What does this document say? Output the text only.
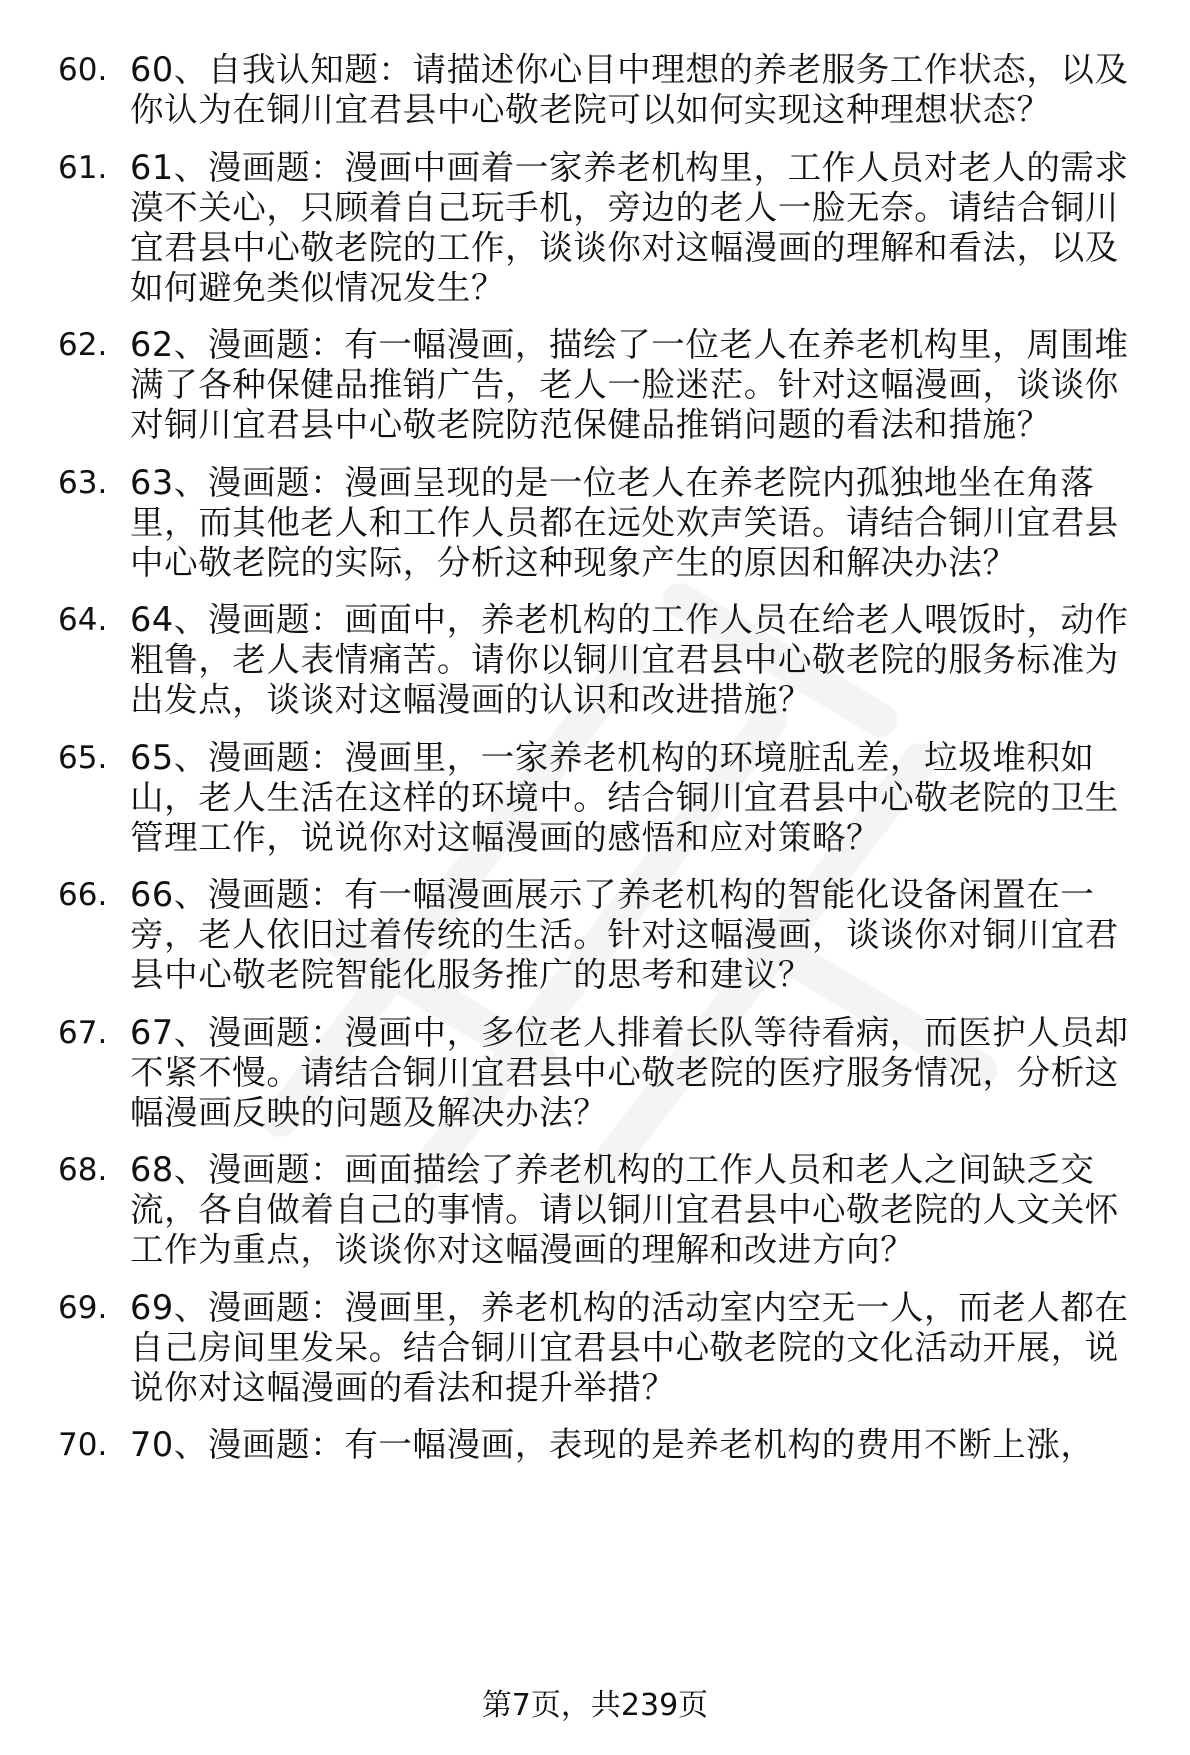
60. 60、自我认知题：请描述你心目中理想的养老服务工作状态，以及你认为在铜川宜君县中心敬老院可以如何实现这种理想状态？
61. 61、漫画题：漫画中画着一家养老机构里，工作人员对老人的需求漠不关心，只顾着自己玩手机，旁边的老人一脸无奈。请结合铜川宜君县中心敬老院的工作，谈谈你对这幅漫画的理解和看法，以及如何避免类似情况发生？
62. 62、漫画题：有一幅漫画，描绘了一位老人在养老机构里，周围堆满了各种保健品推销广告，老人一脸迷茫。针对这幅漫画，谈谈你对铜川宜君县中心敬老院防范保健品推销问题的看法和措施？
63. 63、漫画题：漫画呈现的是一位老人在养老院内孤独地坐在角落里，而其他老人和工作人员都在远处欢声笑语。请结合铜川宜君县中心敬老院的实际，分析这种现象产生的原因和解决办法？
64. 64、漫画题：画面中，养老机构的工作人员在给老人喂饭时，动作粗鲁，老人表情痛苦。请你以铜川宜君县中心敬老院的服务标准为出发点，谈谈对这幅漫画的认识和改进措施？
65. 65、漫画题：漫画里，一家养老机构的环境脏乱差，垃圾堆积如山，老人生活在这样的环境中。结合铜川宜君县中心敬老院的卫生管理工作，说说你对这幅漫画的感悟和应对策略？
66. 66、漫画题：有一幅漫画展示了养老机构的智能化设备闲置在一旁，老人依旧过着传统的生活。针对这幅漫画，谈谈你对铜川宜君县中心敬老院智能化服务推广的思考和建议？
67. 67、漫画题：漫画中，多位老人排着长队等待看病，而医护人员却不紧不慢。请结合铜川宜君县中心敬老院的医疗服务情况，分析这幅漫画反映的问题及解决办法？
68. 68、漫画题：画面描绘了养老机构的工作人员和老人之间缺乏交流，各自做着自己的事情。请以铜川宜君县中心敬老院的人文关怀工作为重点，谈谈你对这幅漫画的理解和改进方向？
69. 69、漫画题：漫画里，养老机构的活动室内空无一人，而老人都在自己房间里发呆。结合铜川宜君县中心敬老院的文化活动开展，说说你对这幅漫画的看法和提升举措？
70. 70、漫画题：有一幅漫画，表现的是养老机构的费用不断上涨，
第7页，共239页
